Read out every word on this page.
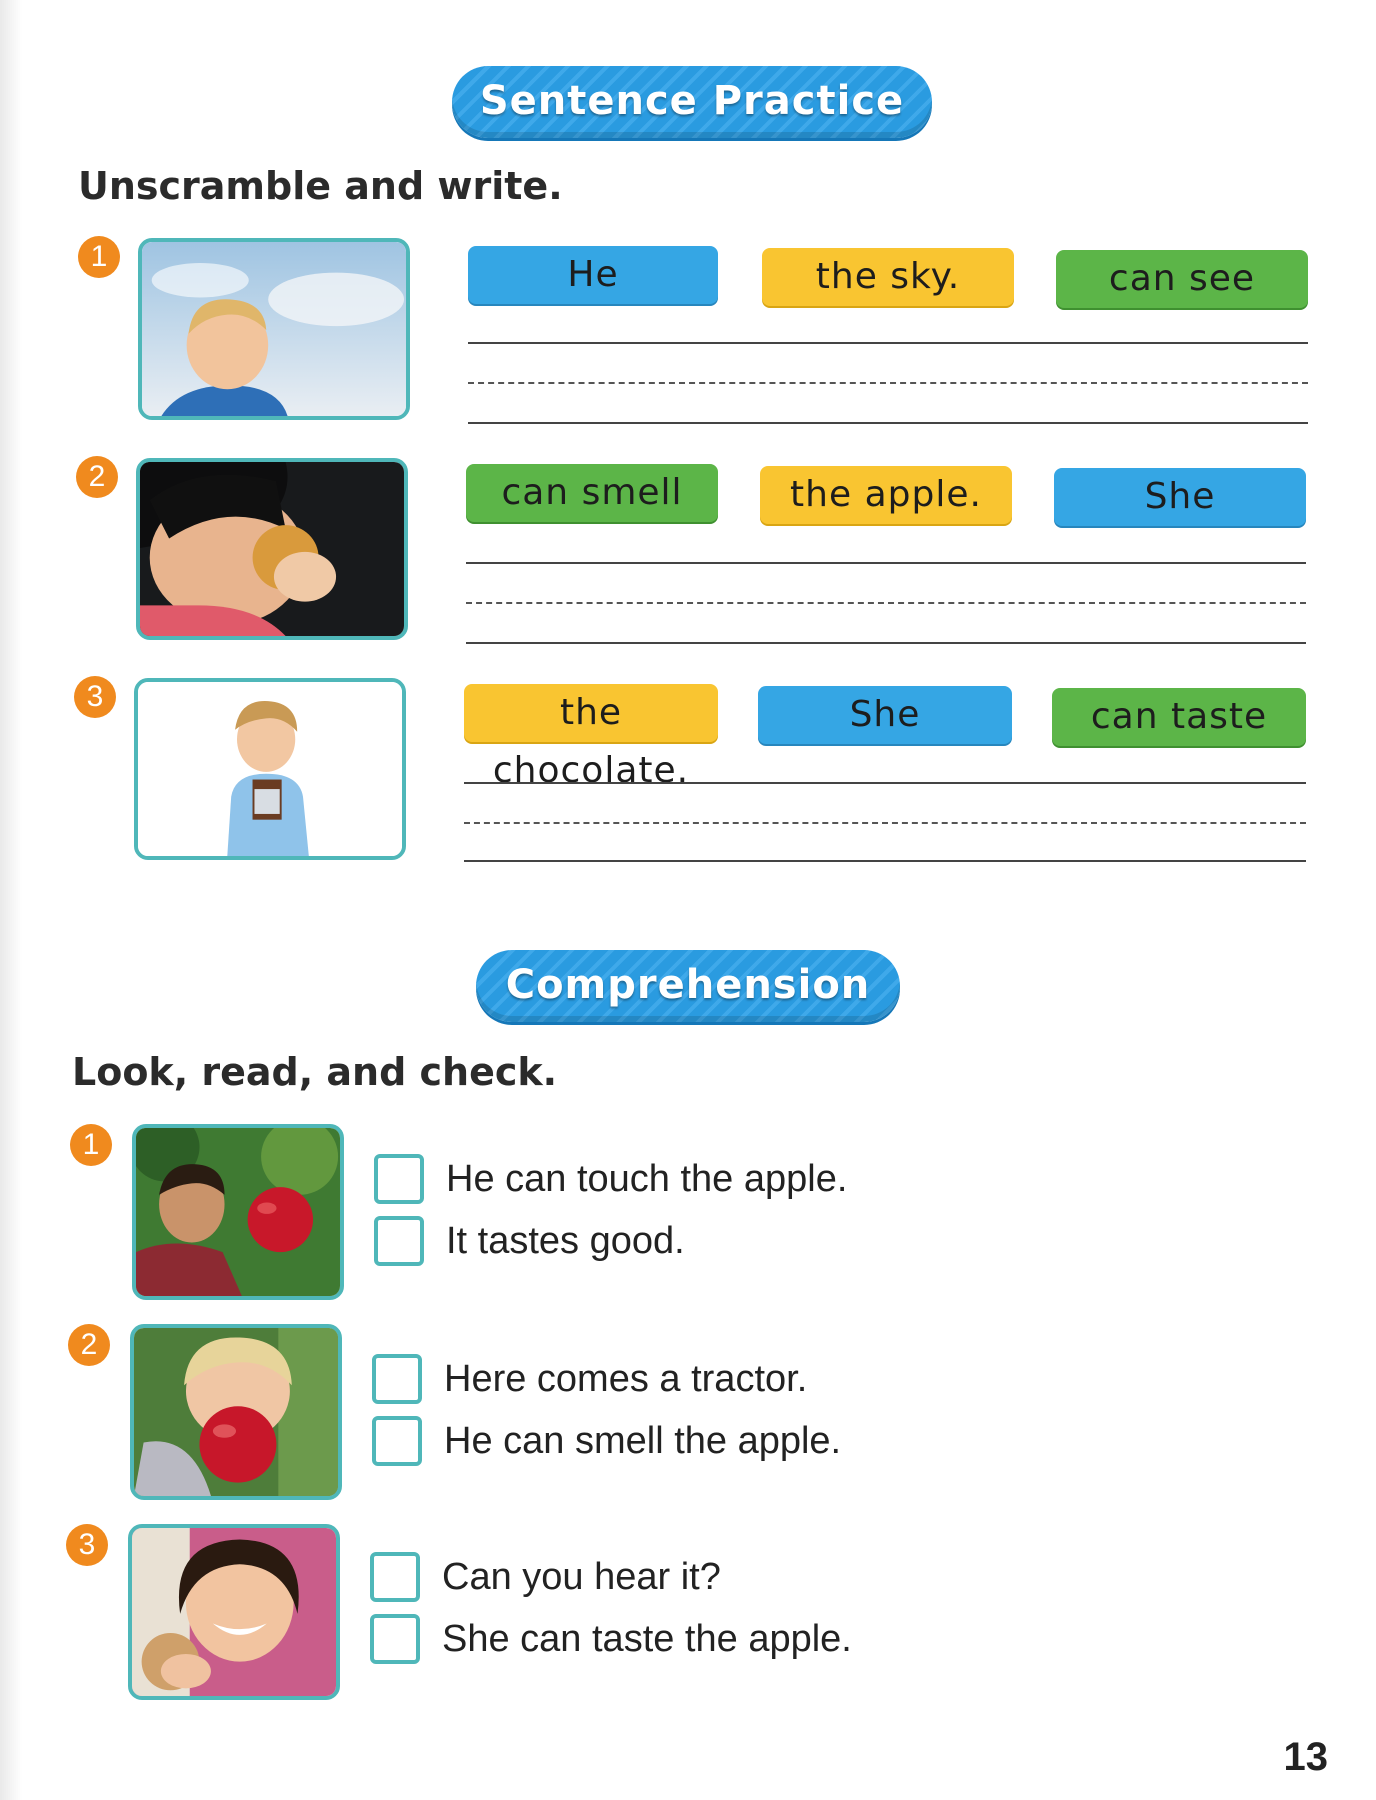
Sentence Practice
Unscramble and write.
1	He	the sky.	can see
2	can smell	the apple.	She
3	the chocolate.
She	can taste
Comprehension
Look, read, and check.
1
He can touch the apple.
It tastes good.
2
Here comes a tractor.
He can smell the apple.
3
Can you hear it?
She can taste the apple.
13
